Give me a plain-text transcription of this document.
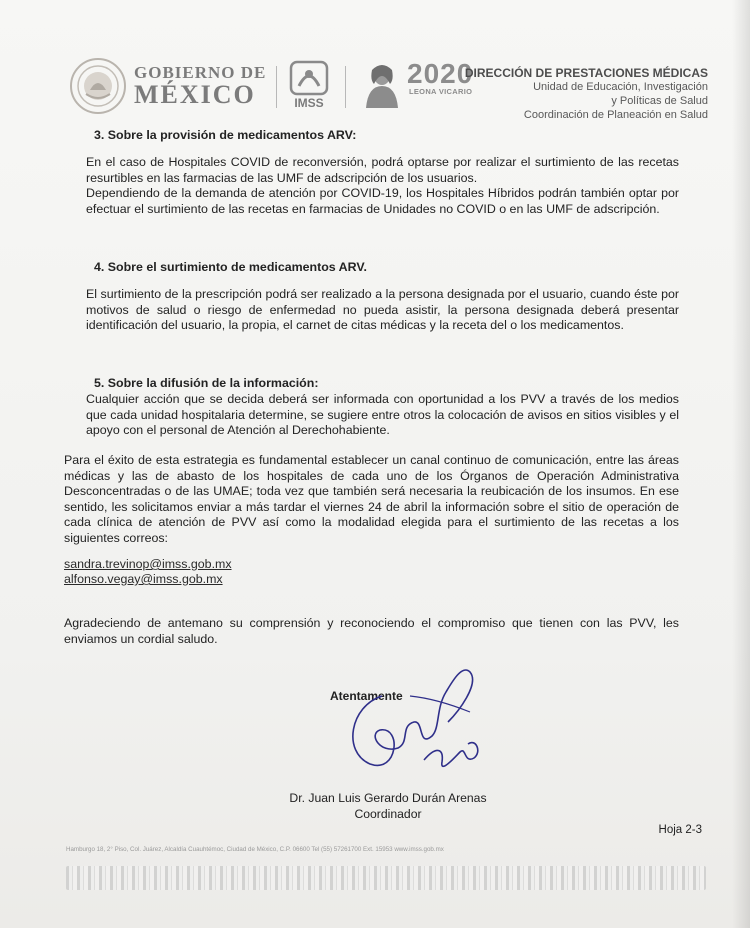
GOBIERNO DE
MÉXICO	IMSS
2020
LEONA VICARIO
DIRECCIÓN DE PRESTACIONES MÉDICAS
Unidad de Educación, Investigación
y Políticas de Salud
Coordinación de Planeación en Salud
3. Sobre la provisión de medicamentos ARV:
En el caso de Hospitales COVID de reconversión, podrá optarse por realizar el surtimiento de las recetas resurtibles en las farmacias de las UMF de adscripción de los usuarios.
Dependiendo de la demanda de atención por COVID-19, los Hospitales Híbridos podrán también optar por efectuar el surtimiento de las recetas en farmacias de Unidades no COVID o en las UMF de adscripción.
4. Sobre el surtimiento de medicamentos ARV.
El surtimiento de la prescripción podrá ser realizado a la persona designada por el usuario, cuando éste por motivos de salud o riesgo de enfermedad no pueda asistir, la persona designada deberá presentar identificación del usuario, la propia, el carnet de citas médicas y la receta del o los medicamentos.
5. Sobre la difusión de la información:
Cualquier acción que se decida deberá ser informada con oportunidad a los PVV a través de los medios que cada unidad hospitalaria determine, se sugiere entre otros la colocación de avisos en sitios visibles y el apoyo con el personal de Atención al Derechohabiente.
Para el éxito de esta estrategia es fundamental establecer un canal continuo de comunicación, entre las áreas médicas y las de abasto de los hospitales de cada uno de los Órganos de Operación Administrativa Desconcentradas o de las UMAE; toda vez que también será necesaria la reubicación de los insumos. En ese sentido, les solicitamos enviar a más tardar el viernes 24 de abril la información sobre el sitio de operación de cada clínica de atención de PVV así como la modalidad elegida para el surtimiento de las recetas a los siguientes correos:
sandra.trevinop@imss.gob.mx
alfonso.vegay@imss.gob.mx
Agradeciendo de antemano su comprensión y reconociendo el compromiso que tienen con las PVV, les enviamos un cordial saludo.
Atentamente
Dr. Juan Luis Gerardo Durán Arenas
Coordinador
Hoja 2-3
Hamburgo 18, 2° Piso, Col. Juárez, Alcaldía Cuauhtémoc, Ciudad de México, C.P. 06600 Tel (55) 57261700 Ext. 15953 www.imss.gob.mx
